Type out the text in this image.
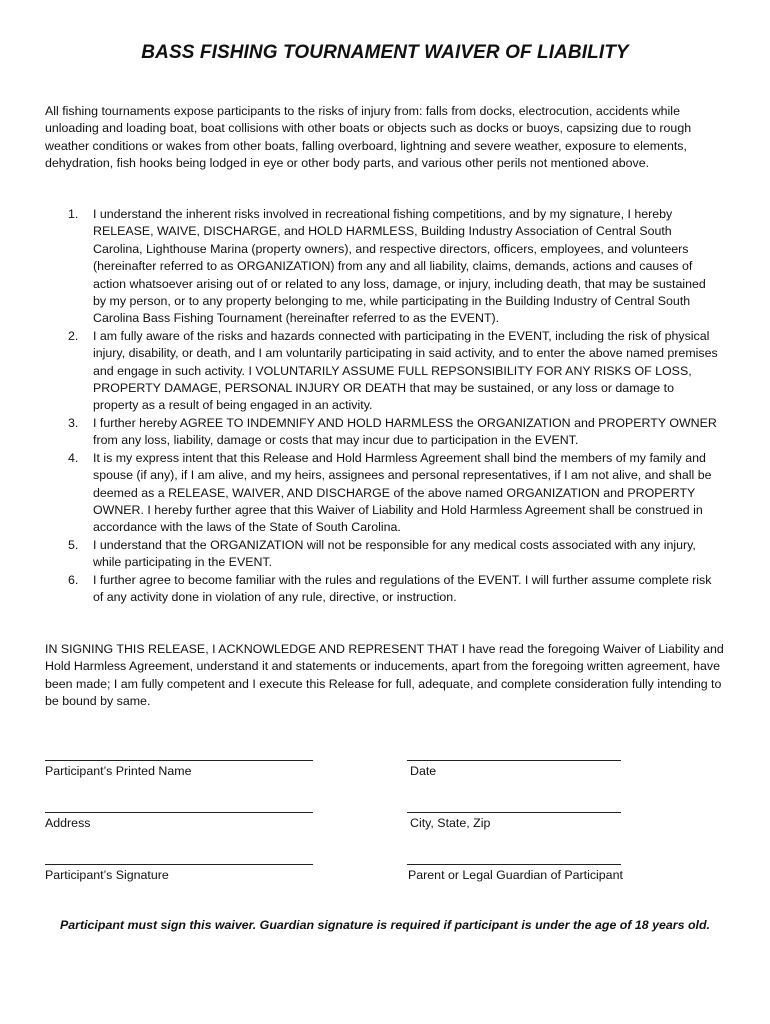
BASS FISHING TOURNAMENT WAIVER OF LIABILITY

All fishing tournaments expose participants to the risks of injury from: falls from docks, electrocution, accidents while unloading and loading boat, boat collisions with other boats or objects such as docks or buoys, capsizing due to rough weather conditions or wakes from other boats, falling overboard, lightning and severe weather, exposure to elements, dehydration, fish hooks being lodged in eye or other body parts, and various other perils not mentioned above.

1. I understand the inherent risks involved in recreational fishing competitions, and by my signature, I hereby RELEASE, WAIVE, DISCHARGE, and HOLD HARMLESS, Building Industry Association of Central South Carolina, Lighthouse Marina (property owners), and respective directors, officers, employees, and volunteers (hereinafter referred to as ORGANIZATION) from any and all liability, claims, demands, actions and causes of action whatsoever arising out of or related to any loss, damage, or injury, including death, that may be sustained by my person, or to any property belonging to me, while participating in the Building Industry of Central South Carolina Bass Fishing Tournament (hereinafter referred to as the EVENT).
2. I am fully aware of the risks and hazards connected with participating in the EVENT, including the risk of physical injury, disability, or death, and I am voluntarily participating in said activity, and to enter the above named premises and engage in such activity. I VOLUNTARILY ASSUME FULL REPSONSIBILITY FOR ANY RISKS OF LOSS, PROPERTY DAMAGE, PERSONAL INJURY OR DEATH that may be sustained, or any loss or damage to property as a result of being engaged in an activity.
3. I further hereby AGREE TO INDEMNIFY AND HOLD HARMLESS the ORGANIZATION and PROPERTY OWNER from any loss, liability, damage or costs that may incur due to participation in the EVENT.
4. It is my express intent that this Release and Hold Harmless Agreement shall bind the members of my family and spouse (if any), if I am alive, and my heirs, assignees and personal representatives, if I am not alive, and shall be deemed as a RELEASE, WAIVER, AND DISCHARGE of the above named ORGANIZATION and PROPERTY OWNER. I hereby further agree that this Waiver of Liability and Hold Harmless Agreement shall be construed in accordance with the laws of the State of South Carolina.
5. I understand that the ORGANIZATION will not be responsible for any medical costs associated with any injury, while participating in the EVENT.
6. I further agree to become familiar with the rules and regulations of the EVENT. I will further assume complete risk of any activity done in violation of any rule, directive, or instruction.

IN SIGNING THIS RELEASE, I ACKNOWLEDGE AND REPRESENT THAT I have read the foregoing Waiver of Liability and Hold Harmless Agreement, understand it and statements or inducements, apart from the foregoing written agreement, have been made; I am fully competent and I execute this Release for full, adequate, and complete consideration fully intending to be bound by same.

Participant’s Printed Name	Date

Address	City, State, Zip

Participant’s Signature	Parent or Legal Guardian of Participant

Participant must sign this waiver. Guardian signature is required if participant is under the age of 18 years old.
